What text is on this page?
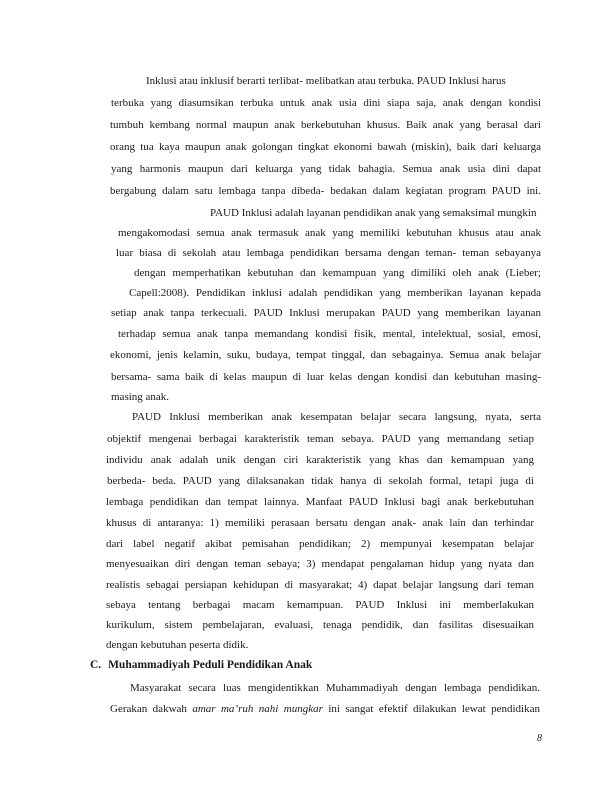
Inklusi atau inklusif berarti terlibat- melibatkan atau terbuka. PAUD Inklusi harus
terbuka yang diasumsikan terbuka untuk anak usia dini siapa saja, anak dengan kondisi
tumbuh kembang normal maupun anak berkebutuhan khusus. Baik anak yang berasal dari
orang tua kaya maupun anak golongan tingkat ekonomi bawah (miskin), baik dari keluarga
yang harmonis maupun dari keluarga yang tidak bahagia. Semua anak usia dini dapat
bergabung dalam satu lembaga tanpa dibeda- bedakan dalam kegiatan program PAUD ini.
PAUD Inklusi adalah layanan pendidikan anak yang semaksimal mungkin
mengakomodasi semua anak termasuk anak yang memiliki kebutuhan khusus atau anak
luar biasa di sekolah atau lembaga pendidikan bersama dengan teman- teman sebayanya
dengan memperhatikan kebutuhan dan kemampuan yang dimiliki oleh anak (Lieber;
Capell:2008). Pendidikan inklusi adalah pendidikan yang memberikan layanan kepada
setiap anak tanpa terkecuali. PAUD Inklusi merupakan PAUD yang memberikan layanan
terhadap semua anak tanpa memandang kondisi fisik, mental, intelektual, sosial, emosi,
ekonomi, jenis kelamin, suku, budaya, tempat tinggal, dan sebagainya. Semua anak belajar
bersama- sama baik di kelas maupun di luar kelas dengan kondisi dan kebutuhan masing-
masing anak.
PAUD Inklusi memberikan anak kesempatan belajar secara langsung, nyata, serta
objektif mengenai berbagai karakteristik teman sebaya. PAUD yang memandang setiap
individu anak adalah unik dengan ciri karakteristik yang khas dan kemampuan yang
berbeda- beda. PAUD yang dilaksanakan tidak hanya di sekolah formal, tetapi juga di
lembaga pendidikan dan tempat lainnya. Manfaat PAUD Inklusi bagi anak berkebutuhan
khusus di antaranya: 1) memiliki perasaan bersatu dengan anak- anak lain dan terhindar
dari label negatif akibat pemisahan pendidikan; 2) mempunyai kesempatan belajar
menyesuaikan diri dengan teman sebaya; 3) mendapat pengalaman hidup yang nyata dan
realistis sebagai persiapan kehidupan di masyarakat; 4) dapat belajar langsung dari teman
sebaya tentang berbagai macam kemampuan. PAUD Inklusi ini memberlakukan
kurikulum, sistem pembelajaran, evaluasi, tenaga pendidik, dan fasilitas disesuaikan
dengan kebutuhan peserta didik.
C. Muhammadiyah Peduli Pendidikan Anak
Masyarakat secara luas mengidentikkan Muhammadiyah dengan lembaga pendidikan.
Gerakan dakwah amar ma’ruh nahi mungkar ini sangat efektif dilakukan lewat pendidikan
8
